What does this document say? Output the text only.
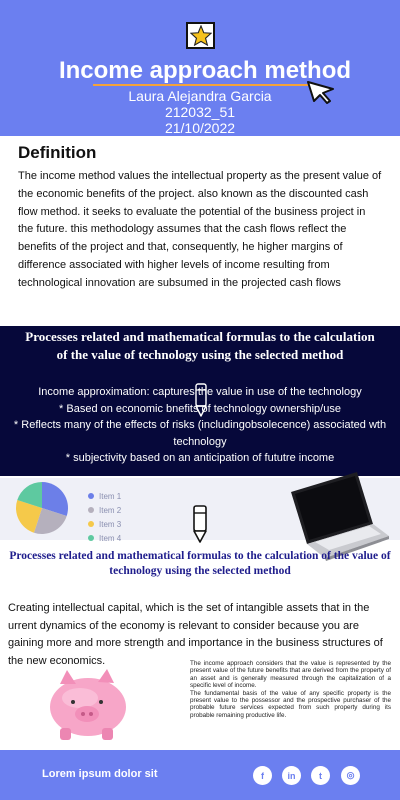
Income approach method
Laura Alejandra Garcia
212032_51
21/10/2022
Definition
The income method values the intellectual property as the present value of the economic benefits of the project. also known as the discounted cash flow method. it seeks to evaluate the potential of the business project in the future. this methodology assumes that the cash flows reflect the benefits of the project and that, consequently, he higher margins of difference associated with higher levels of income resulting from technological innovation are subsumed in the projected cash flows
Processes related and mathematical formulas to the calculation of the value of technology using the selected method
Income approximation: captures the value in use of the technology
* Based on economic bnefits of technology ownership/use
* Reflects many of the effects of risks (includingobsolecence) associated wth technology
* subjectivity based on an anticipation of fututre income
Item 1
Item 2
Item 3
Item 4
Processes related and mathematical formulas to the calculation of the value of technology using the selected method
Creating intellectual capital, which is the set of intangible assets that in the urrent dynamics of the economy is relevant to consider because you are gaining more and more strength and importance in the business structures of the new economics.	The income approach considers that the value is represented by the present value of the future benefits that are derived from the property of an asset and is generally measured through the capitalization of a specific level of income.
The fundamental basis of the value of any specific property is the present value to the possessor and the prospective purchaser of the probable future services expected from such property during its probable remaining productive life.
Lorem ipsum dolor sit	f	in	t	◎
